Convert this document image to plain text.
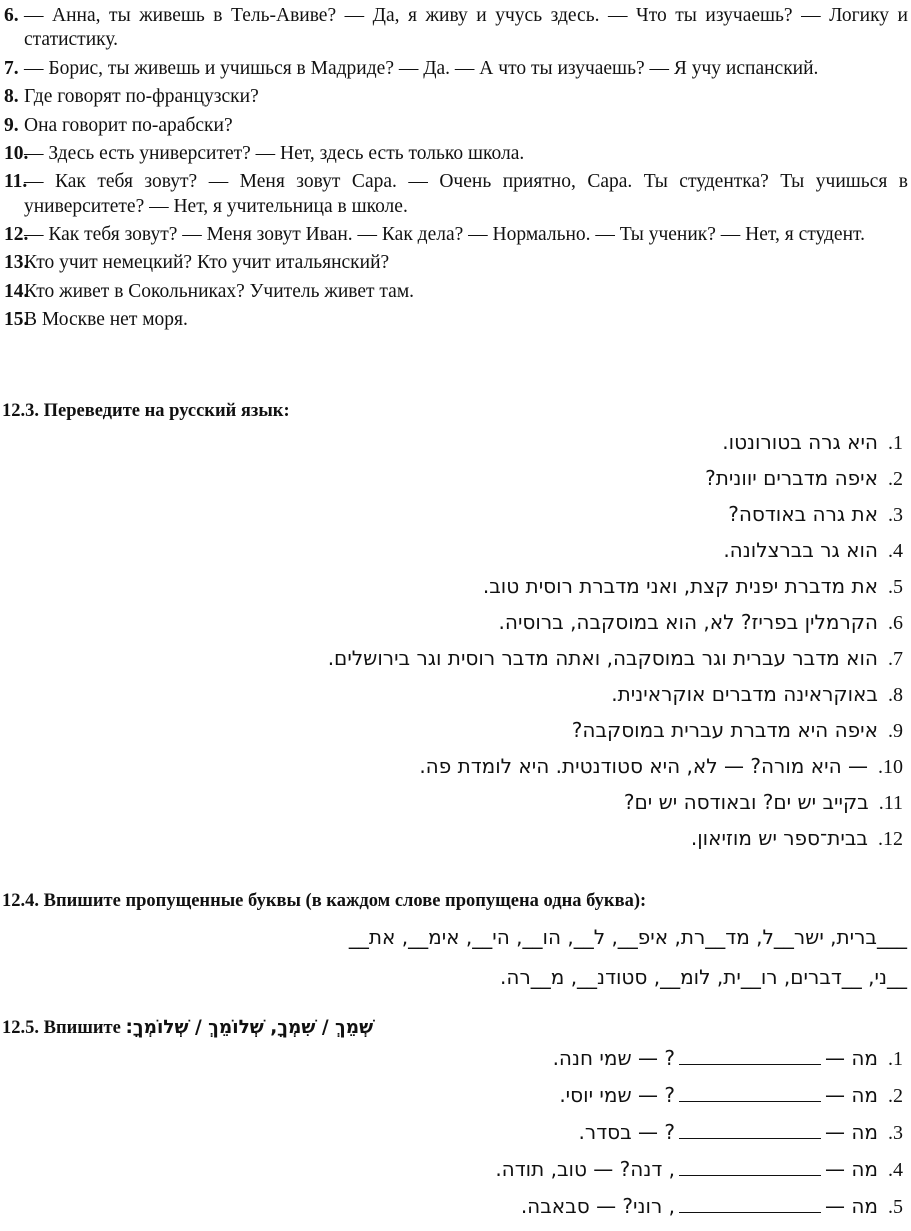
6. — Анна, ты живешь в Тель-Авиве? — Да, я живу и учусь здесь. — Что ты изучаешь? — Логику и статистику.
7. — Борис, ты живешь и учишься в Мадриде? — Да. — А что ты изучаешь? — Я учу испанский.
8. Где говорят по-французски?
9. Она говорит по-арабски?
10.
— Здесь есть университет? — Нет, здесь есть только школа.
11.
— Как тебя зовут? — Меня зовут Сара. — Очень приятно, Сара. Ты студентка? Ты учишься в университете? — Нет, я учительница в школе.
12.
— Как тебя зовут? — Меня зовут Иван. — Как дела? — Нормально. — Ты ученик? — Нет, я студент.
13.
Кто учит немецкий? Кто учит итальянский?
14.
Кто живет в Сокольниках? Учитель живет там.
15.
В Москве нет моря.
12.3. Переведите на русский язык:
.1
היא גרה בטורונטו.
.2
איפה מדברים יוונית?
.3
את גרה באודסה?
.4
הוא גר בברצלונה.
.5
את מדברת יפנית קצת, ואני מדברת רוסית טוב.
.6
הקרמלין בפריז? לא, הוא במוסקבה, ברוסיה.
.7
הוא מדבר עברית וגר במוסקבה, ואתה מדבר רוסית וגר בירושלים.
.8
באוקראינה מדברים אוקראינית.
.9
איפה היא מדברת עברית במוסקבה?
.10
— היא מורה? — לא, היא סטודנטית. היא לומדת פה.
.11
בקייב יש ים? ובאודסה יש ים?
.12
בבית־ספר יש מוזיאון.
12.4. Впишите пропущенные буквы (в каждом слове пропущена одна буква):
___ברית, ישר__ל, מד__רת, איפ__, ל__, הו__, הי__, אימ__, את__
__ני, __דברים, רו__ית, לומ__, סטודנ__, מ__רה.
12.5. Впишите שְׁמֵךְ / שִׁמְךָ, שְׁלוֹמֵךְ / שְׁלוֹמְךָ:
.1
מה —
? — שמי חנה.
.2
מה —
? — שמי יוסי.
.3
מה —
? — בסדר.
.4
מה —
, דנה? — טוב, תודה.
.5
מה —
, רוני? — סבאבה.
